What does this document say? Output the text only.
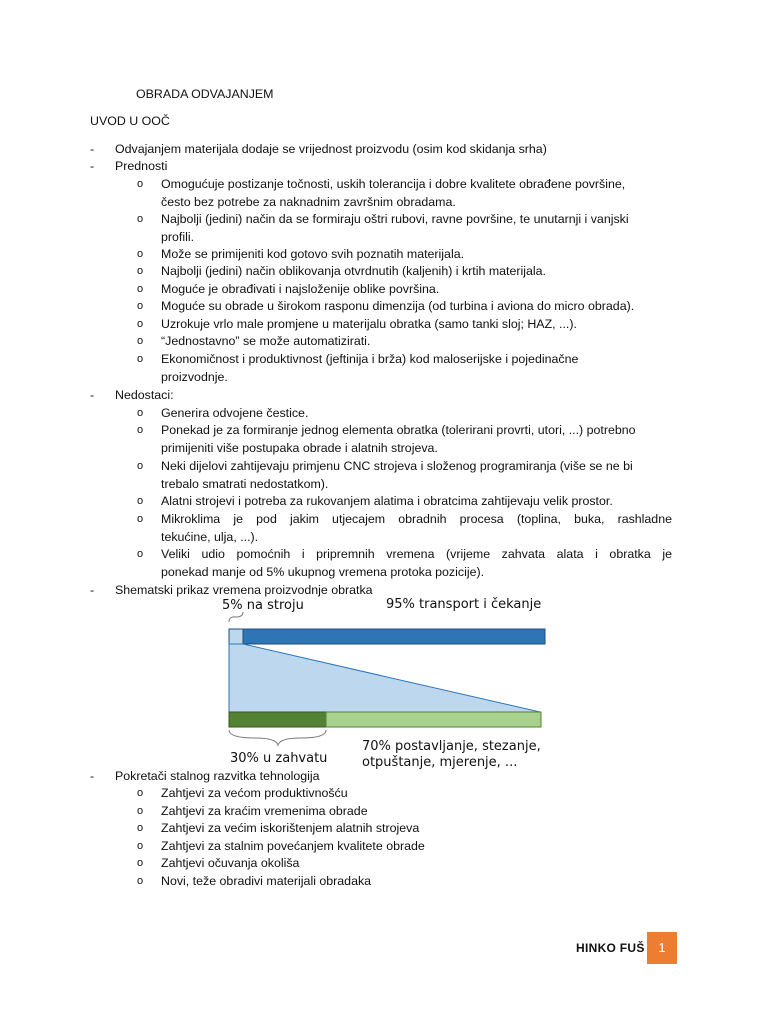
OBRADA ODVAJANJEM
UVOD U OOČ
- Odvajanjem materijala dodaje se vrijednost proizvodu (osim kod skidanja srha)
- Prednosti
o Omogućuje postizanje točnosti, uskih tolerancija i dobre kvalitete obrađene površine,
često bez potrebe za naknadnim završnim obradama.
o Najbolji (jedini) način da se formiraju oštri rubovi, ravne površine, te unutarnji i vanjski
profili.
o Može se primijeniti kod gotovo svih poznatih materijala.
o Najbolji (jedini) način oblikovanja otvrdnutih (kaljenih) i krtih materijala.
o Moguće je obrađivati i najsloženije oblike površina.
o Moguće su obrade u širokom rasponu dimenzija (od turbina i aviona do micro obrada).
o Uzrokuje vrlo male promjene u materijalu obratka (samo tanki sloj; HAZ, ...).
o “Jednostavno” se može automatizirati.
o Ekonomičnost i produktivnost (jeftinija i brža) kod maloserijske i pojedinačne
proizvodnje.
- Nedostaci:
o Generira odvojene čestice.
o Ponekad je za formiranje jednog elementa obratka (tolerirani provrti, utori, ...) potrebno
primijeniti više postupaka obrade i alatnih strojeva.
o Neki dijelovi zahtijevaju primjenu CNC strojeva i složenog programiranja (više se ne bi
trebalo smatrati nedostatkom).
o Alatni strojevi i potreba za rukovanjem alatima i obratcima zahtijevaju velik prostor.
o Mikroklima je pod jakim utjecajem obradnih procesa (toplina, buka, rashladne
tekućine, ulja, ...).
o Veliki udio pomoćnih i pripremnih vremena (vrijeme zahvata alata i obratka je
ponekad manje od 5% ukupnog vremena protoka pozicije).
- Shematski prikaz vremena proizvodnje obratka
5% na stroju	95% transport i čekanje
30% u zahvatu
70% postavljanje, stezanje,
otpuštanje, mjerenje, ...
- Pokretači stalnog razvitka tehnologija
o Zahtjevi za većom produktivnošću
o Zahtjevi za kraćim vremenima obrade
o Zahtjevi za većim iskorištenjem alatnih strojeva
o Zahtjevi za stalnim povećanjem kvalitete obrade
o Zahtjevi očuvanja okoliša
o Novi, teže obradivi materijali obradaka
HINKO FUŠ	1
